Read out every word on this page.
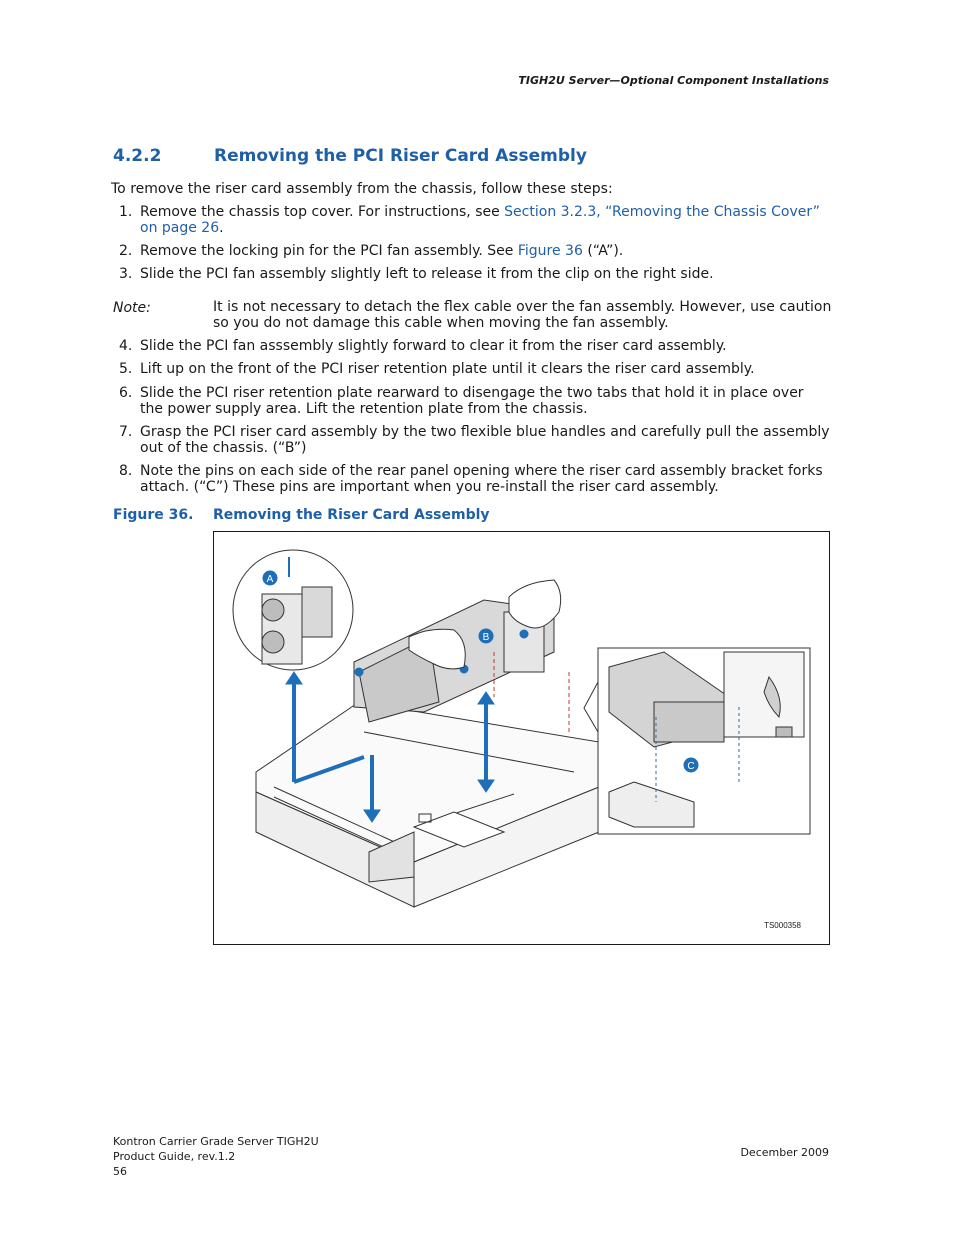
TIGH2U Server—Optional Component Installations
4.2.2	Removing the PCI Riser Card Assembly
To remove the riser card assembly from the chassis, follow these steps:
1. Remove the chassis top cover. For instructions, see Section 3.2.3, “Removing the Chassis Cover” on page 26.
2. Remove the locking pin for the PCI fan assembly. See Figure 36 (“A”).
3. Slide the PCI fan assembly slightly left to release it from the clip on the right side.
4. Slide the PCI fan asssembly slightly forward to clear it from the riser card assembly.
5. Lift up on the front of the PCI riser retention plate until it clears the riser card assembly.
6. Slide the PCI riser retention plate rearward to disengage the two tabs that hold it in place over the power supply area. Lift the retention plate from the chassis.
7. Grasp the PCI riser card assembly by the two flexible blue handles and carefully pull the assembly out of the chassis. (“B”)
8. Note the pins on each side of the rear panel opening where the riser card assembly bracket forks attach. (“C”) These pins are important when you re-install the riser card assembly.
Note:	It is not necessary to detach the flex cable over the fan assembly. However, use caution so you do not damage this cable when moving the fan assembly.
Figure 36. Removing the Riser Card Assembly
A
B
C
TS000358
Kontron Carrier Grade Server TIGH2U
Product Guide, rev.1.2
56
December 2009
